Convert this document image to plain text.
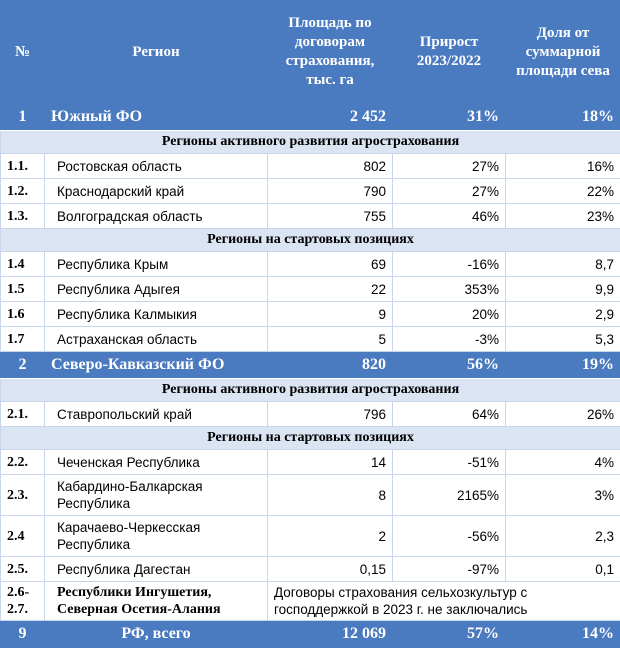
№	Регион	Площадь по договорам страхования, тыс. га	Прирост 2023/2022	Доля от суммарной площади сева
1	Южный ФО	2 452	31%	18%
Регионы активного развития агрострахования				
1.1.	Ростовская область	802	27%	16%
1.2.	Краснодарский край	790	27%	22%
1.3.	Волгоградская область	755	46%	23%
Регионы на стартовых позициях				
1.4	Республика Крым	69	-16%	8,7
1.5	Республика Адыгея	22	353%	9,9
1.6	Республика Калмыкия	9	20%	2,9
1.7	Астраханская область	5	-3%	5,3
2	Северо-Кавказский ФО	820	56%	19%
Регионы активного развития агрострахования				
2.1.	Ставропольский край	796	64%	26%
Регионы на стартовых позициях				
2.2.	Чеченская Республика	14	-51%	4%
2.3.	Кабардино-Балкарская Республика	8	2165%	3%
2.4	Карачаево-Черкесская Республика	2	-56%	2,3
2.5.	Республика Дагестан	0,15	-97%	0,1
2.6-2.7.	Республики Ингушетия, Северная Осетия-Алания	Договоры страхования сельхозкультур с господдержкой в 2023 г. не заключались		
9	РФ, всего	12 069	57%	14%
